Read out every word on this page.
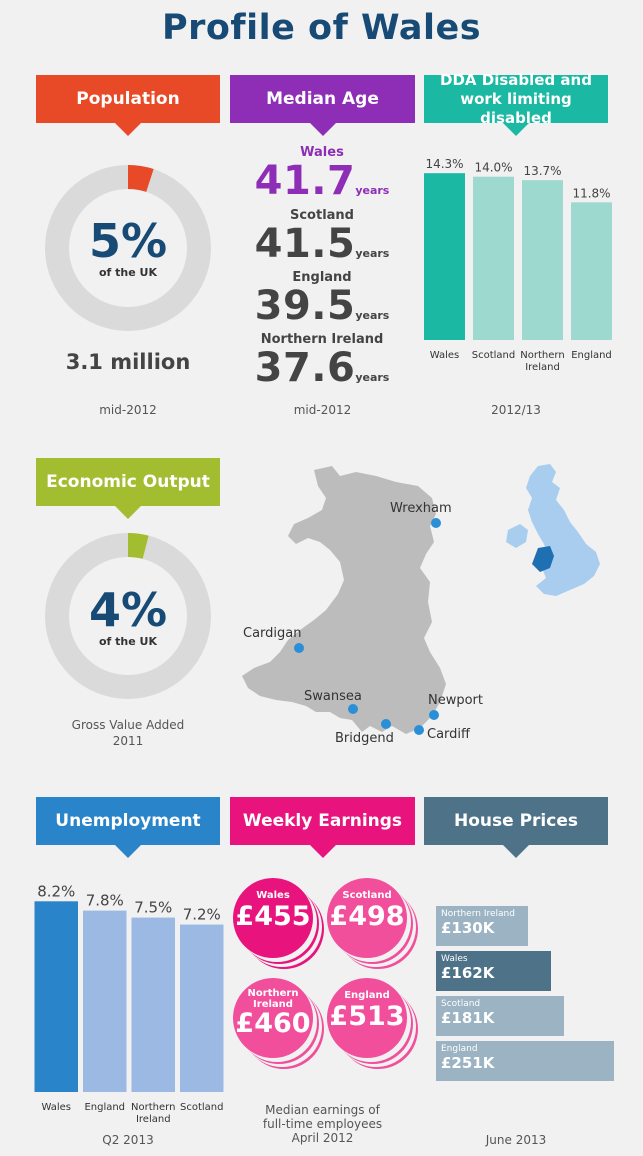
Profile of Wales
Population
5%
of the UK
3.1 million
mid-2012
Median Age
Wales
41.7years
Scotland
41.5years
England
39.5years
Northern Ireland
37.6years
mid-2012
DDA Disabled and work limiting disabled
14.3%
Wales
14.0%
Scotland
13.7%
Northern
Ireland
11.8%
England
2012/13
Economic Output
4%
of the UK
Gross Value Added
2011
Wrexham
Cardigan
Swansea	Newport
Bridgend	Cardiff
Unemployment
8.2%
Wales
7.8%
England
7.5%
Northern
Ireland
7.2%
Scotland
Q2 2013
Weekly Earnings
Wales
£455
Scotland
£498
Northern Ireland
£460
England
£513
Median earnings of
full-time employees
April 2012
House Prices
Northern Ireland
£130K
Wales
£162K
Scotland
£181K
England
£251K
June 2013
